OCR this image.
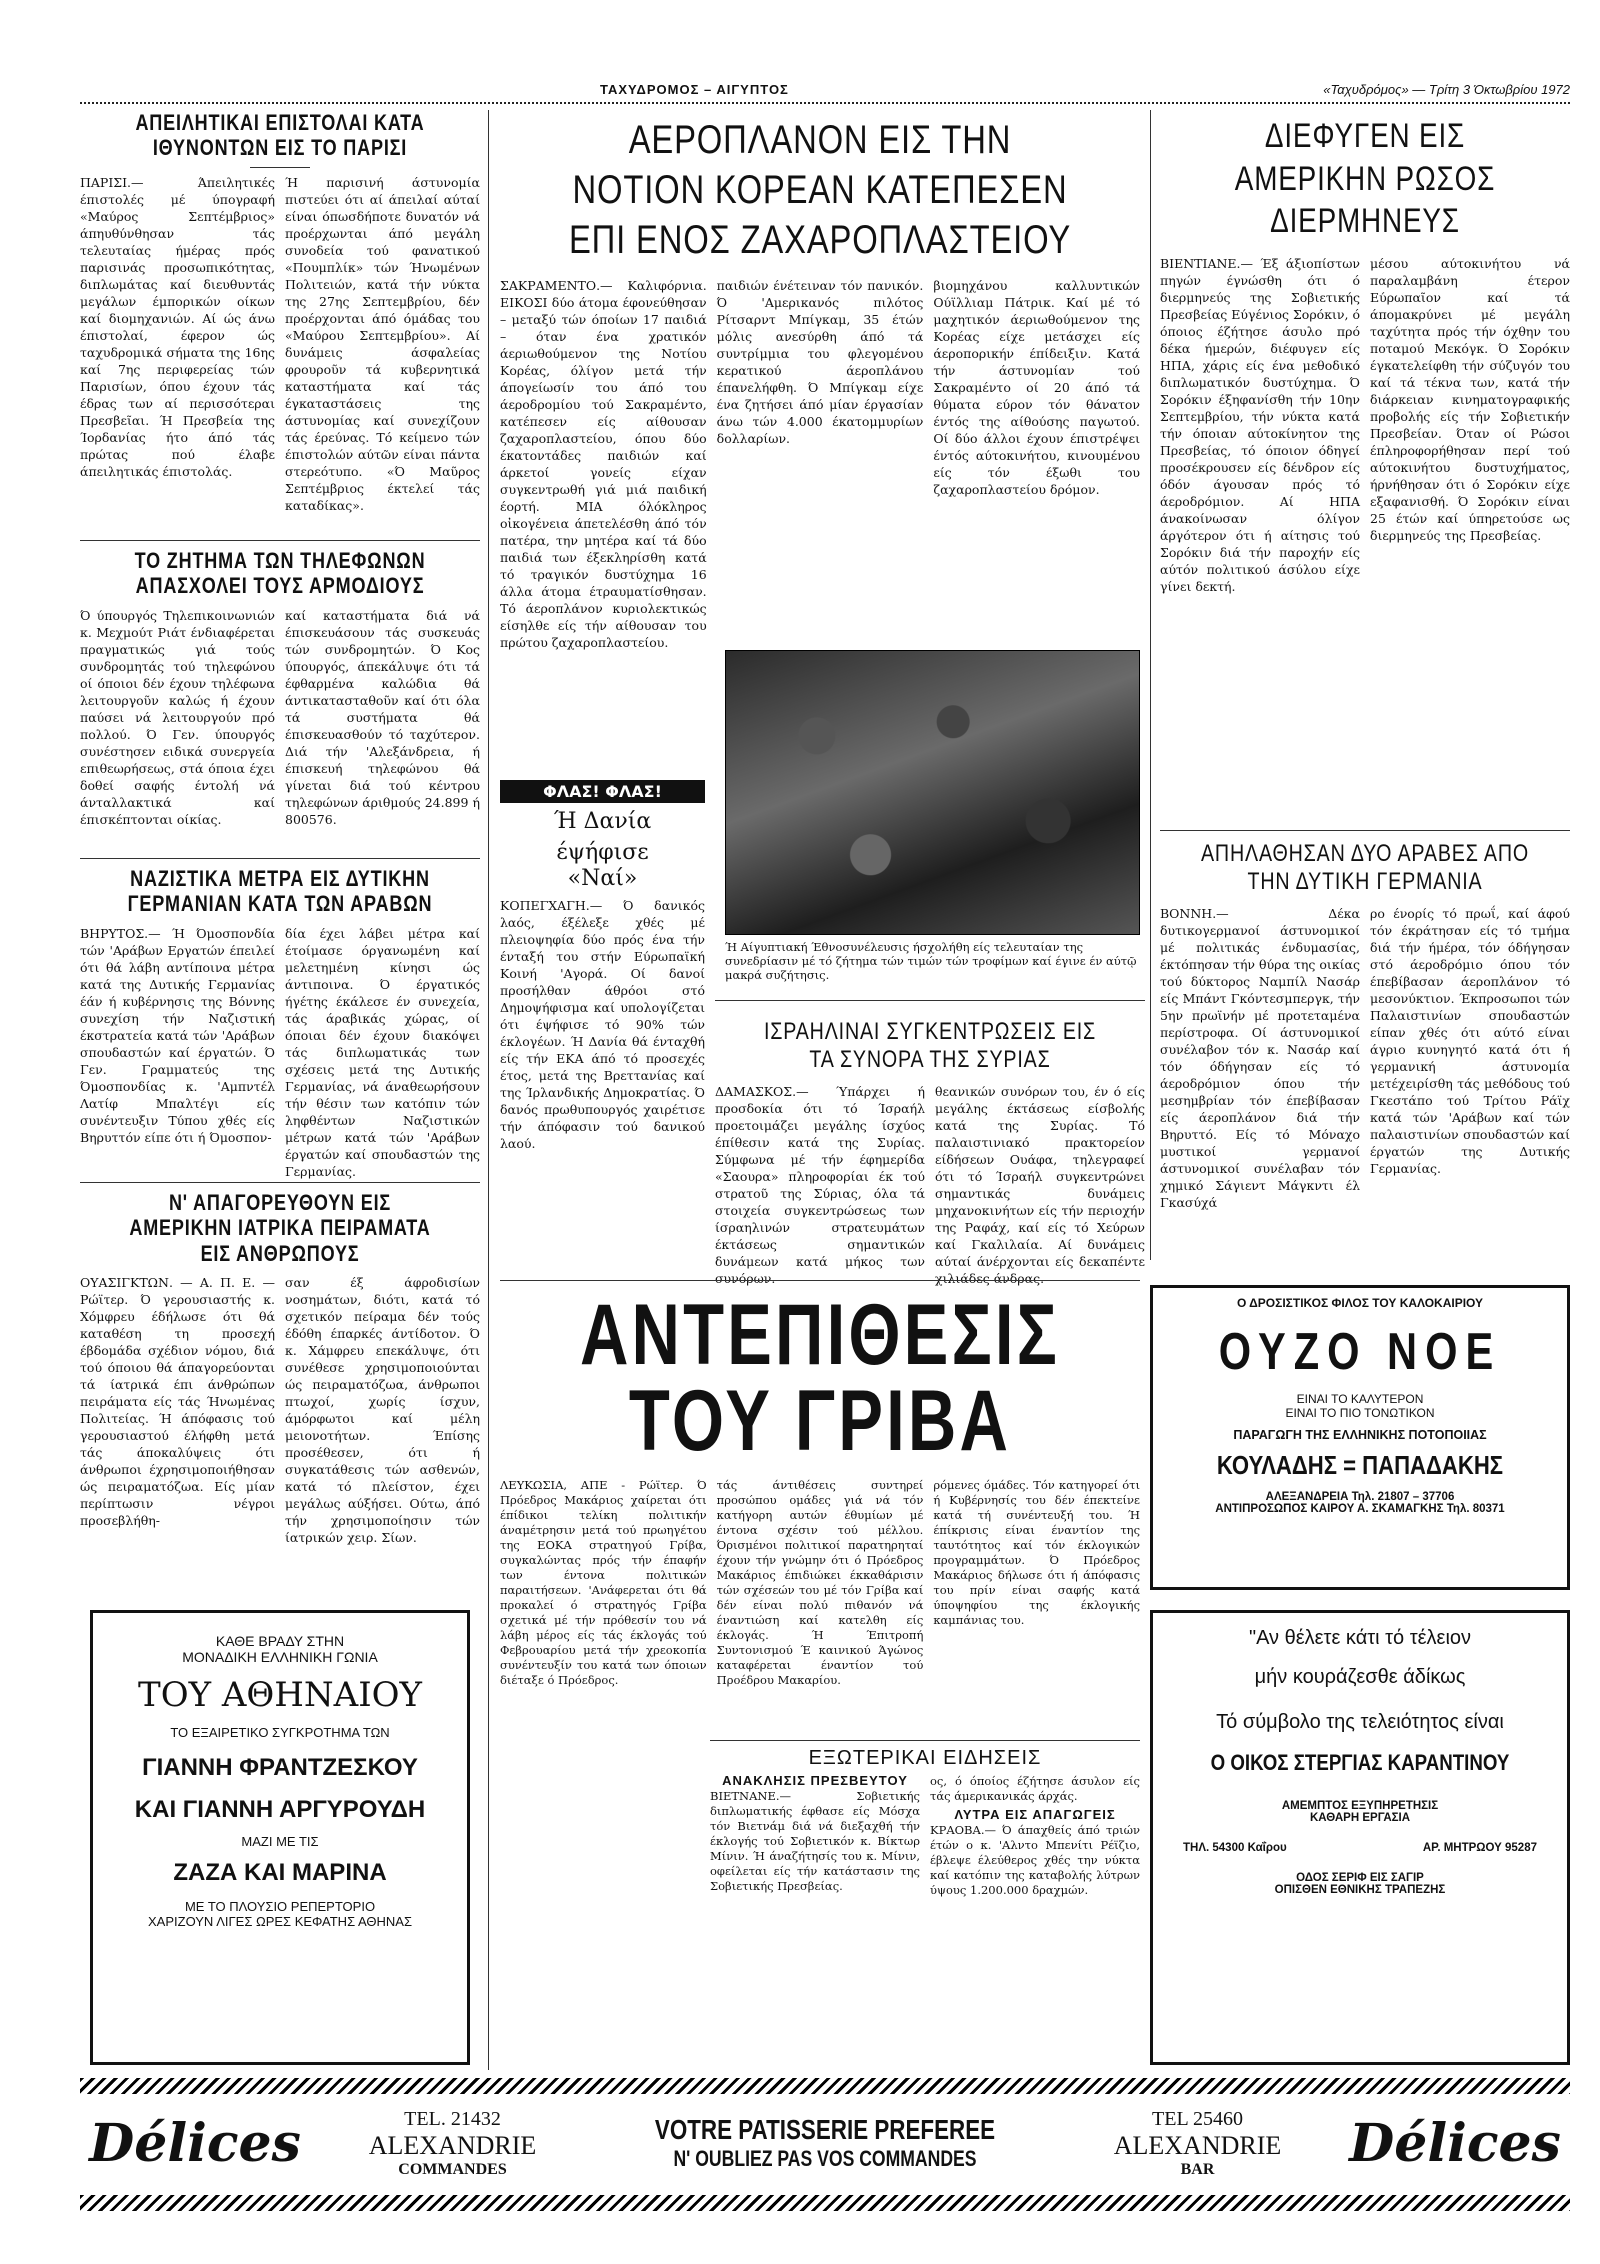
ΤΑΧΥΔΡΟΜΟΣ – ΑΙΓΥΠΤΟΣ	«Ταχυδρόμος» — Τρίτη 3 Όκτωβρίου 1972
ΑΠΕΙΛΗΤΙΚΑΙ ΕΠΙΣΤΟΛΑΙ ΚΑΤΑ ΙΘΥΝΟΝΤΩΝ ΕΙΣ ΤΟ ΠΑΡΙΣΙ
ΠΑΡΙΣΙ.— Άπειλητικές έπιστολές μέ ύπογραφή «Μαύρος Σεπτέμβριος» άπηυθύνθησαν τάς τελευταίας ήμέρας πρός παρισινάς προσωπικότητας, διπλωμάτας καί διευθυντάς μεγάλων έμπορικών οίκων καί διομηχανιών. Αί ώς άνω έπιστολαί, έφερον ώς ταχυδρομικά σήματα της 16ης καί 7ης περιφερείας τών Παρισίων, όπου έχουν τάς έδρας των αί περισσότεραι Πρεσβεῖαι. Ή Πρεσβεία της Ίορδανίας ήτο άπό τάς πρώτας πού έλαβε άπειλητικάς έπιστολάς.
Ή παρισινή άστυνομία πιστεύει ότι αί άπειλαί αύταί είναι όπωσδήποτε δυνατόν νά προέρχωνται άπό μεγάλη συνοδεία τού φανατικού «Πουμπλίκ» τών Ήνωμένων Πολιτειών, κατά τήν νύκτα της 27ης Σεπτεμβρίου, δέν προέρχονται άπό όμάδας του «Μαύρου Σεπτεμβρίου». Αί δυνάμεις άσφαλείας φρουροῦν τά κυβερνητικά καταστήματα καί τάς έγκαταστάσεις της άστυνομίας καί συνεχίζουν τάς έρεύνας. Τό κείμενο τών έπιστολών αύτῶν είναι πάντα στερεότυπο. «Ό Μαῦρος Σεπτέμβριος έκτελεί τάς καταδίκας».
ΤΟ ΖΗΤΗΜΑ ΤΩΝ ΤΗΛΕΦΩΝΩΝ ΑΠΑΣΧΟΛΕΙ ΤΟΥΣ ΑΡΜΟΔΙΟΥΣ
Ό ύπουργός Τηλεπικοινωνιών κ. Μεχμούτ Ριάτ ένδιαφέρεται πραγματικώς γιά τούς συνδρομητάς τού τηλεφώνου οί όποιοι δέν έχουν τηλέφωνα λειτουργοῦν καλώς ή έχουν παύσει νά λειτουργούν πρό πολλού. Ό Γεν. ύπουργός συνέστησεν ειδικά συνεργεία επιθεωρήσεως, στά όποια έχει δοθεί σαφής έντολή νά άνταλλακτικά καί έπισκέπτονται οίκίας.
καί καταστήματα διά νά έπισκευάσουν τάς συσκευάς τών συνδρομητών. Ό Κος ύπουργός, άπεκάλυψε ότι τά έφθαρμένα καλώδια θά άντικατασταθοῦν καί ότι όλα τά συστήματα θά έπισκευασθούν τό ταχύτερον. Διά τήν 'Αλεξάνδρεια, ή έπισκευή τηλεφώνου θά γίνεται διά τού κέντρου τηλεφώνων άριθμούς 24.899 ή 800576.
ΝΑΖΙΣΤΙΚΑ ΜΕΤΡΑ ΕΙΣ ΔΥΤΙΚΗΝ ΓΕΡΜΑΝΙΑΝ ΚΑΤΑ ΤΩΝ ΑΡΑΒΩΝ
ΒΗΡΥΤΟΣ.— Ή Όμοσπονδία τών 'Αράβων Εργατών έπειλεί ότι θά λάβη αντίποινα μέτρα κατά της Δυτικής Γερμανίας έάν ή κυβέρνησις της Βόννης συνεχίση τήν Ναζιστική έκστρατεία κατά τών 'Αράβων σπουδαστών καί έργατών. Ό Γεν. Γραμματεύς της Όμοσπονδίας κ. 'Αμπντέλ Λατίφ Μπαλτέγι είς συνέντευξιν Τύπου χθές είς Βηρυττόν είπε ότι ή Όμοσπον-
δία έχει λάβει μέτρα καί έτοίμασε όργανωμένη καί μελετημένη κίνησι ώς άντιποινα. Ό έργατικός ήγέτης έκάλεσε έν συνεχεία, τάς άραβικάς χώρας, οί όποιαι δέν έχουν διακόψει τάς διπλωματικάς των σχέσεις μετά της Δυτικής Γερμανίας, νά άναθεωρήσουν τήν θέσιν των κατόπιν τών ληφθέντων Ναζιστικών μέτρων κατά τών 'Αράβων έργατών καί σπουδαστών της Γερμανίας.
Ν' ΑΠΑΓΟΡΕΥΘΟΥΝ ΕΙΣ ΑΜΕΡΙΚΗΝ ΙΑΤΡΙΚΑ ΠΕΙΡΑΜΑΤΑ ΕΙΣ ΑΝΘΡΩΠΟΥΣ
ΟΥΑΣΙΓΚΤΩΝ. — Α. Π. Ε. — Ρώϊτερ. Ό γερουσιαστής κ. Χόμφρευ έδήλωσε ότι θά καταθέση τη προσεχή έβδομάδα σχέδιον νόμου, διά τού όποιου θά άπαγορεύονται τά ίατρικά έπι άνθρώπων πειράματα είς τάς Ήνωμένας Πολιτείας. Ή άπόφασις τού γερουσιαστού έλήφθη μετά τάς άποκαλύψεις ότι άνθρωποι έχρησιμοποιήθησαν ώς πειραματόζωα. Είς μίαν περίπτωσιν νέγροι προσεβλήθη-
σαν έξ άφροδισίων νοσημάτων, διότι, κατά τό σχετικόν πείραμα δέν τούς έδόθη έπαρκές άντίδοτον. Ό κ. Χάμφρευ επεκάλυψε, ότι συνέθεσε χρησιμοποιούνται ώς πειραματόζωα, άνθρωποι πτωχοί, χωρίς ίσχυν, άμόρφωτοι καί μέλη μειονοτήτων. Έπίσης προσέθεσεν, ότι ή συγκατάθεσις τών ασθενών, κατά τό πλείστον, έχει μεγάλως αύξήσει. Ούτω, άπό τήν χρησιμοποίησιν τών ίατρικών χειρ. Σίων.
ΚΑΘΕ ΒΡΑΔΥ ΣΤΗΝ
ΜΟΝΑΔΙΚΗ ΕΛΛΗΝΙΚΗ ΓΩΝΙΑ
ΤΟΥ ΑΘΗΝΑΙΟΥ
ΤΟ ΕΞΑΙΡΕΤΙΚΟ ΣΥΓΚΡΟΤΗΜΑ ΤΩΝ
ΓΙΑΝΝΗ ΦΡΑΝΤΖΕΣΚΟΥ
ΚΑΙ ΓΙΑΝΝΗ ΑΡΓΥΡΟΥΔΗ
ΜΑΖΙ ΜΕ ΤΙΣ
ΖΑΖΑ ΚΑΙ ΜΑΡΙΝΑ
ΜΕ ΤΟ ΠΛΟΥΣΙΟ ΡΕΠΕΡΤΟΡΙΟ
ΧΑΡΙΖΟΥΝ ΛΙΓΕΣ ΩΡΕΣ ΚΕΦΑΤΗΣ ΑΘΗΝΑΣ
ΑΕΡΟΠΛΑΝΟΝ ΕΙΣ ΤΗΝ ΝΟΤΙΟΝ ΚΟΡΕΑΝ ΚΑΤΕΠΕΣΕΝ ΕΠΙ ΕΝΟΣ ΖΑΧΑΡΟΠΛΑΣΤΕΙΟΥ
ΣΑΚΡΑΜΕΝΤΟ.— Καλιφόρνια. ΕΙΚΟΣΙ δύο άτομα έφονεύθησαν – μεταξύ τών όποίων 17 παιδιά – όταν ένα χρατικόν άεριωθούμενον της Νοτίου Κορέας, όλίγον μετά τήν άπογείωσίν του άπό του άεροδρομίου τού Σακραμέντο, κατέπεσεν είς αίθουσαν ζαχαροπλαστείου, όπου δύο έκατοντάδες παιδιών καί άρκετοί γονείς είχαν συγκεντρωθή γιά μιά παιδική έορτή. ΜΙΑ όλόκληρος οἰκογένεια άπετελέσθη άπό τόν πατέρα, την μητέρα καί τά δύο παιδιά των έξεκληρίσθη κατά τό τραγικόν δυστύχημα 16 άλλα άτομα έτραυματίσθησαν. Τό άεροπλάνον κυριολεκτικώς είσηλθε είς τήν αίθουσαν του πρώτου ζαχαροπλαστείου.
παιδιών ένέτειναν τόν πανικόν. Ό 'Αμερικανός πιλότος Ρίτσαρντ Μπίγκαμ, 35 έτών μόλις ανεσύρθη άπό τά συντρίμμια του φλεγομένου κερατικού άεροπλάνου έπανελήφθη. Ό Μπίγκαμ είχε ένα ζητήσει άπό μίαν έργασίαν άνω τών 4.000 έκατομμυρίων δολλαρίων.
βιομηχάνου καλλυντικών Ούϊλλιαμ Πάτρικ. Καί μέ τό μαχητικόν άεριωθούμενον της Κορέας είχε μετάσχει είς άεροπορικήν έπίδειξιν. Κατά τήν άστυνομίαν τού Σακραμέντο οί 20 άπό τά θύματα εύρον τόν θάνατον έντός της αίθούσης παγωτού. Οί δύο άλλοι έχουν έπιστρέψει έντός αύτοκινήτου, κινουμένου είς τόν έξωθι του ζαχαροπλαστείου δρόμον.
ΦΛΑΣ! ΦΛΑΣ!
Ή Δανία
έψήφισε
«Ναί»
ΚΟΠΕΓΧΑΓΗ.— Ό δανικός λαός, έξέλεξε χθές μέ πλειοψηφία δύο πρός ένα τήν ένταξή του στήν Εύρωπαϊκή Κοινή 'Αγορά. Οί δανοί προσήλθαν άθρόοι στό Δημοψήφισμα καί υπολογίζεται ότι έψήφισε τό 90% τών έκλογέων. Ή Δανία θά ένταχθή είς τήν ΕΚΑ άπό τό προσεχές έτος, μετά της Βρεττανίας καί της Ίρλανδικής Δημοκρατίας. Ό δανός πρωθυπουργός χαιρέτισε τήν άπόφασιν τού δανικού λαού.
Ή Αίγυπτιακή Έθνοσυνέλευσις ήσχολήθη είς τελευταίαν της συνεδρίασιν μέ τό ζήτημα τών τιμών τών τροφίμων καί έγινε έν αύτῷ μακρά συζήτησις.
ΙΣΡΑΗΛΙΝΑΙ ΣΥΓΚΕΝΤΡΩΣΕΙΣ ΕΙΣ ΤΑ ΣΥΝΟΡΑ ΤΗΣ ΣΥΡΙΑΣ
ΔΑΜΑΣΚΟΣ.— Ύπάρχει ή προσδοκία ότι τό Ίσραήλ προετοιμάζει μεγάλης ίσχύος έπίθεσιν κατά της Συρίας. Σύμφωνα μέ τήν έφημερίδα «Σαουρα» πληροφορίαι έκ τού στρατοῦ της Σύριας, όλα τά στοιχεία συγκεντρώσεως των ίσραηλινών στρατευμάτων έκτάσεως σημαντικών δυνάμεων κατά μήκος των συνόρων.
θεανικών συνόρων του, έν ό είς μεγάλης έκτάσεως είσβολής κατά της Συρίας. Τό παλαιστινιακό πρακτορείον είδήσεων Ουάφα, τηλεγραφεί ότι τό Ίσραήλ συγκεντρώνει σημαντικάς δυνάμεις μηχανοκινήτων είς τήν περιοχήν της Ραφάχ, καί είς τό Χεύρων καί Γκαλιλαία. Αί δυνάμεις αύταί άνέρχονται είς δεκαπέντε χιλιάδες άνδρας.
ΑΝΤΕΠΙΘΕΣΙΣ ΤΟΥ ΓΡΙΒΑ
ΛΕΥΚΩΣΙΑ, ΑΠΕ - Ρώϊτερ. Ό Πρόεδρος Μακάριος χαίρεται ότι έπίδικοι τελίκη πολιτικήν άναμέτρησιν μετά τού πρωηγέτου της ΕΟΚΑ στρατηγού Γρίβα, συγκαλώντας πρός τήν έπαφήν των έντονα πολιτικών παραιτήσεων. 'Ανάφερεται ότι θά προκαλεί ό στρατηγός Γρίβα σχετικά μέ τήν πρόθεσίν του νά λάβη μέρος είς τάς έκλογάς τού Φεβρουαρίου μετά τήν χρεοκοπία συνέντευξίν του κατά των όποιων διέταξε ό Πρόεδρος.
τάς άντιθέσεις συντηρεί προσώπου ομάδες γιά νά τόν κατήγορη αυτών έθυμίων μέ έντονα σχέσιν τού μέλλου. Όρισμένοι πολιτικοί παρατηρηταί έχουν τήν γνώμην ότι ό Πρόεδρος Μακάριος έπιδιώκει έκκαθάρισιν τών σχέσεών του μέ τόν Γρίβα καί δέν είναι πολύ πιθανόν νά έναντιώση καί κατελθη είς έκλογάς. Ή Έπιτροπή Συντονισμού Έ καινικού Άγώνος καταφέρεται έναντίον τού Προέδρου Μακαρίου.
ρόμενες όμάδες. Τόν κατηγορεί ότι ή Κυβέρνησίς του δέν έπεκτείνε κατά τή συνέντευξή του. Ή έπίκρισις είναι έναντίον της ταυτότητος καί τόν έκλογικών προγραμμάτων. Ό Πρόεδρος Μακάριος δήλωσε ότι ή άπόφασις του πρίν είναι σαφής κατά ύποψηφίου της έκλογικής καμπάνιας του.
ΕΞΩΤΕΡΙΚΑΙ ΕΙΔΗΣΕΙΣ
ΑΝΑΚΛΗΣΙΣ ΠΡΕΣΒΕΥΤΟΥ
ΒΙΕΤΝΑΝΕ.— Σοβιετικής διπλωματικής έφθασε είς Μόσχα τόν Βιετνάμ διά νά διεξαχθή τήν έκλογής τού Σοβιετικόν κ. Βίκτωρ Μίνιν. Ή άναζήτησίς του κ. Μίνιν, οφείλεται είς τήν κατάστασιν της Σοβιετικής Πρεσβείας.
ος, ό όποίος έζήτησε άσυλον είς τάς άμερικανικάς άρχάς.
ΛΥΤΡΑ ΕΙΣ ΑΠΑΓΩΓΕΙΣ
ΚΡΑΟΒΑ.— Ό άπαχθείς άπό τριών έτών ο κ. 'Αλντο Μπενίτι Ρέϊζιο, έβλεψε έλεύθερος χθές την νύκτα καί κατόπιν της καταβολής λύτρων ύψους 1.200.000 δραχμών.
ΔΙΕΦΥΓΕΝ ΕΙΣ ΑΜΕΡΙΚΗΝ ΡΩΣΟΣ ΔΙΕΡΜΗΝΕΥΣ
ΒΙΕΝΤΙΑΝΕ.— Έξ άξιοπίστων πηγών έγνώσθη ότι ό διερμηνεύς της Σοβιετικής Πρεσβείας Εύγένιος Σορόκιν, ό όποιος έζήτησε άσυλο πρό δέκα ήμερών, διέφυγεν είς ΗΠΑ, χάρις είς ένα μεθοδικό διπλωματικόν δυστύχημα. Ό Σορόκιν έξηφανίσθη τήν 10ην Σεπτεμβρίου, τήν νύκτα κατά τήν όποιαν αύτοκίνητον της Πρεσβείας, τό όποιον όδηγεί προσέκρουσεν είς δένδρον είς όδόν άγουσαν πρός τό άεροδρόμιον. Αί ΗΠΑ άνακοίνωσαν όλίγον άργότερον ότι ή αίτησις τού Σορόκιν διά τήν παροχήν είς αύτόν πολιτικού άσύλου είχε γίνει δεκτή.
μέσου αύτοκινήτου νά παραλαμβάνη έτερον Εύρωπαῖον καί τά άπομακρύνει μέ μεγάλη ταχύτητα πρός τήν όχθην του ποταμού Μεκόγκ. Ό Σορόκιν έγκατελείφθη τήν σύζυγόν του καί τά τέκνα των, κατά τήν διάρκειαν κινηματογραφικής προβολής είς τήν Σοβιετικήν Πρεσβείαν. Όταν οί Ρώσοι έπληροφορήθησαν περί τού αύτοκινήτου δυστυχήματος, ήρνήθησαν ότι ό Σορόκιν είχε εξαφανισθή. Ό Σορόκιν είναι 25 έτών καί ύπηρετούσε ως διερμηνεύς της Πρεσβείας.
ΑΠΗΛΑΘΗΣΑΝ ΔΥΟ ΑΡΑΒΕΣ ΑΠΟ ΤΗΝ ΔΥΤΙΚΗ ΓΕΡΜΑΝΙΑ
ΒΟΝΝΗ.— Δέκα δυτικογερμανοί άστυνομικοί μέ πολιτικάς ένδυμασίας, έκτόπησαν τήν θύρα της οικίας τού δύκτορος Ναμπίλ Νασάρ είς Μπάντ Γκόντεσμπεργκ, τήν 5ην πρωϊνήν μέ προτεταμένα περίστροφα. Οί άστυνομικοί συνέλαβον τόν κ. Νασάρ καί τόν όδήγησαν είς τό άεροδρόμιον όπου τήν μεσημβρίαν τόν έπεβίβασαν είς άεροπλάνον διά τήν Βηρυττό. Είς τό Μόναχο μυστικοί γερμανοί άστυνομικοί συνέλαβαν τόν χημικό Σάγιεντ Μάγκντι έλ Γκασύχά
ρο ένορίς τό πρωΐ, καί άφού τόν έκράτησαν είς τό τμήμα διά τήν ήμέρα, τόν όδήγησαν στό άεροδρόμιο όπου τόν έπεβίβασαν άεροπλάνον τό μεσονύκτιον. Έκπροσωποι τών Παλαιστινίων σπουδαστών είπαν χθές ότι αύτό είναι άγριο κυνηγητό κατά ότι ή γερμανική άστυνομία μετέχειρίσθη τάς μεθόδους τού Γκεστάπο τού Τρίτου Ράϊχ κατά τών 'Αράβων καί τών παλαιστινίων σπουδαστών καί έργατών της Δυτικής Γερμανίας.
Ο ΔΡΟΣΙΣΤΙΚΟΣ ΦΙΛΟΣ ΤΟΥ ΚΑΛΟΚΑΙΡΙΟΥ
ΟΥΖΟ ΝΟΕ
ΕΙΝΑΙ ΤΟ ΚΑΛΥΤΕΡΟΝ
ΕΙΝΑΙ ΤΟ ΠΙΟ ΤΟΝΩΤΙΚΟΝ
ΠΑΡΑΓΩΓΗ ΤΗΣ ΕΛΛΗΝΙΚΗΣ ΠΟΤΟΠΟΙΙΑΣ
ΚΟΥΛΑΔΗΣ = ΠΑΠΑΔΑΚΗΣ
ΑΛΕΞΑΝΔΡΕΙΑ Τηλ. 21807 – 37706
ΑΝΤΙΠΡΟΣΩΠΟΣ ΚΑΙΡΟΥ Α. ΣΚΑΜΑΓΚΗΣ Τηλ. 80371
"Αν θέλετε κάτι τό τέλειον
μήν κουράζεσθε άδίκως
Τό σύμβολο της τελειότητος είναι
Ο ΟΙΚΟΣ ΣΤΕΡΓΙΑΣ ΚΑΡΑΝΤΙΝΟΥ
ΑΜΕΜΠΤΟΣ ΕΞΥΠΗΡΕΤΗΣΙΣ
ΚΑΘΑΡΗ ΕΡΓΑΣΙΑ
ΤΗΛ. 54300 Καΐρου	ΑΡ. ΜΗΤΡΩΟΥ 95287
ΟΔΟΣ ΣΕΡΙΦ ΕΙΣ ΣΑΓΙΡ
ΟΠΙΣΘΕΝ ΕΘΝΙΚΗΣ ΤΡΑΠΕΖΗΣ
Délices	TEL. 21432
ALEXANDRIE
COMMANDES
VOTRE PATISSERIE PREFEREE
N' OUBLIEZ PAS VOS COMMANDES
TEL 25460
ALEXANDRIE
BAR	Délices
